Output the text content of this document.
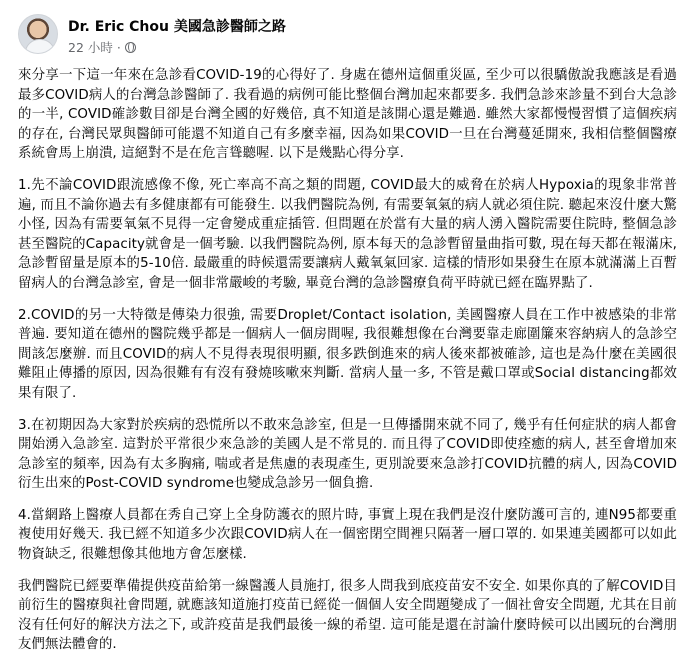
Dr. Eric Chou 美國急診醫師之路
22 小時 ·

來分享一下這一年來在急診看COVID-19的心得好了. 身處在德州這個重災區, 至少可以很驕傲說我應該是看過最多COVID病人的台灣急診醫師了. 我看過的病例可能比整個台灣加起來都要多. 我們急診來診量不到台大急診的一半, COVID確診數目卻是台灣全國的好幾倍, 真不知道是該開心還是難過. 雖然大家都慢慢習慣了這個疾病的存在, 台灣民眾與醫師可能還不知道自己有多麼幸福, 因為如果COVID一旦在台灣蔓延開來, 我相信整個醫療系統會馬上崩潰, 這絕對不是在危言聳聽喔. 以下是幾點心得分享.

1.先不論COVID跟流感像不像, 死亡率高不高之類的問題, COVID最大的威脅在於病人Hypoxia的現象非常普遍, 而且不論你過去有多健康都有可能發生. 以我們醫院為例, 有需要氧氣的病人就必須住院. 聽起來沒什麼大驚小怪, 因為有需要氧氣不見得一定會變成重症插管. 但問題在於當有大量的病人湧入醫院需要住院時, 整個急診甚至醫院的Capacity就會是一個考驗. 以我們醫院為例, 原本每天的急診暫留量曲指可數, 現在每天都在報滿床, 急診暫留量是原本的5-10倍. 最嚴重的時候還需要讓病人戴氧氣回家. 這樣的情形如果發生在原本就滿滿上百暫留病人的台灣急診室, 會是一個非常嚴峻的考驗, 畢竟台灣的急診醫療負荷平時就已經在臨界點了.

2.COVID的另一大特徵是傳染力很強, 需要Droplet/Contact isolation, 美國醫療人員在工作中被感染的非常普遍. 要知道在德州的醫院幾乎都是一個病人一個房間喔, 我很難想像在台灣要靠走廊圍簾來容納病人的急診空間該怎麼辦. 而且COVID的病人不見得表現很明顯, 很多跌倒進來的病人後來都被確診, 這也是為什麼在美國很難阻止傳播的原因, 因為很難有有沒有發燒咳嗽來判斷. 當病人量一多, 不管是戴口罩或Social distancing都效果有限了.

3.在初期因為大家對於疾病的恐慌所以不敢來急診室, 但是一旦傳播開來就不同了, 幾乎有任何症狀的病人都會開始湧入急診室. 這對於平常很少來急診的美國人是不常見的. 而且得了COVID即使痊癒的病人, 甚至會增加來急診室的頻率, 因為有太多胸痛, 喘或者是焦慮的表現產生, 更別說要來急診打COVID抗體的病人, 因為COVID衍生出來的Post-COVID syndrome也變成急診另一個負擔.

4.當網路上醫療人員都在秀自己穿上全身防護衣的照片時, 事實上現在我們是沒什麼防護可言的, 連N95都要重複使用好幾天. 我已經不知道多少次跟COVID病人在一個密閉空間裡只隔著一層口罩的. 如果連美國都可以如此物資缺乏, 很難想像其他地方會怎麼樣.

我們醫院已經要準備提供疫苗給第一線醫護人員施打, 很多人問我到底疫苗安不安全. 如果你真的了解COVID目前衍生的醫療與社會問題, 就應該知道施打疫苗已經從一個個人安全問題變成了一個社會安全問題, 尤其在目前沒有任何好的解決方法之下, 或許疫苗是我們最後一線的希望. 這可能是還在討論什麼時候可以出國玩的台灣朋友們無法體會的.
